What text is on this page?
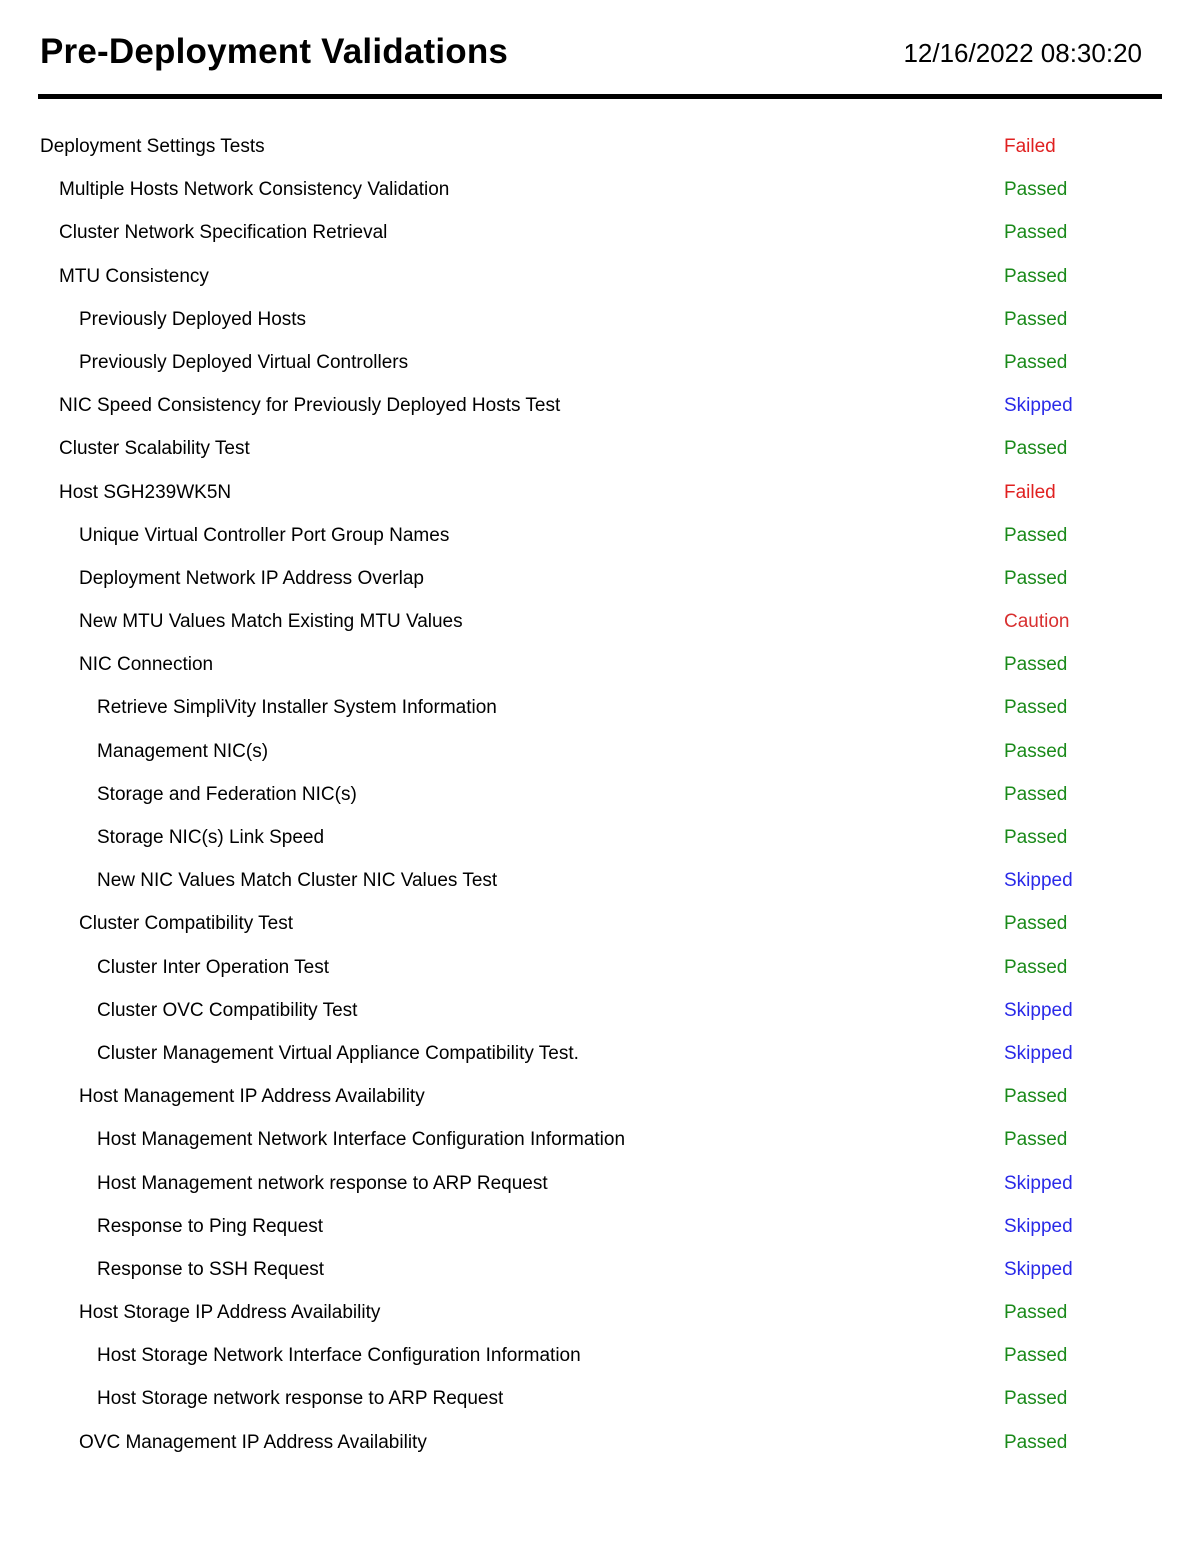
Pre-Deployment Validations	12/16/2022 08:30:20
Deployment Settings Tests	Failed
Multiple Hosts Network Consistency Validation	Passed
Cluster Network Specification Retrieval	Passed
MTU Consistency	Passed
Previously Deployed Hosts	Passed
Previously Deployed Virtual Controllers	Passed
NIC Speed Consistency for Previously Deployed Hosts Test	Skipped
Cluster Scalability Test	Passed
Host SGH239WK5N	Failed
Unique Virtual Controller Port Group Names	Passed
Deployment Network IP Address Overlap	Passed
New MTU Values Match Existing MTU Values	Caution
NIC Connection	Passed
Retrieve SimpliVity Installer System Information	Passed
Management NIC(s)	Passed
Storage and Federation NIC(s)	Passed
Storage NIC(s) Link Speed	Passed
New NIC Values Match Cluster NIC Values Test	Skipped
Cluster Compatibility Test	Passed
Cluster Inter Operation Test	Passed
Cluster OVC Compatibility Test	Skipped
Cluster Management Virtual Appliance Compatibility Test.	Skipped
Host Management IP Address Availability	Passed
Host Management Network Interface Configuration Information	Passed
Host Management network response to ARP Request	Skipped
Response to Ping Request	Skipped
Response to SSH Request	Skipped
Host Storage IP Address Availability	Passed
Host Storage Network Interface Configuration Information	Passed
Host Storage network response to ARP Request	Passed
OVC Management IP Address Availability	Passed
